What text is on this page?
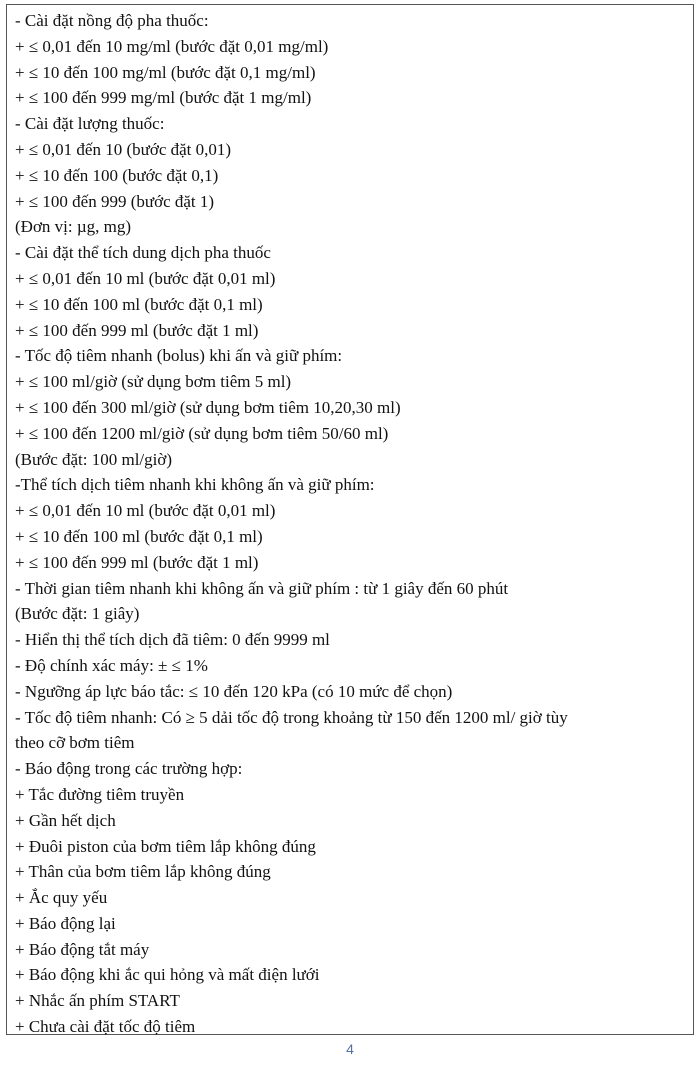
- Cài đặt nồng độ pha thuốc:
+ ≤ 0,01 đến 10 mg/ml (bước đặt 0,01 mg/ml)
+ ≤ 10 đến 100 mg/ml (bước đặt 0,1 mg/ml)
+ ≤ 100 đến 999 mg/ml (bước đặt 1 mg/ml)
- Cài đặt lượng thuốc:
+ ≤ 0,01 đến 10 (bước đặt 0,01)
+ ≤ 10 đến 100 (bước đặt 0,1)
+ ≤ 100 đến 999 (bước đặt 1)
(Đơn vị: µg, mg)
- Cài đặt thể tích dung dịch pha thuốc
+ ≤ 0,01 đến 10 ml (bước đặt 0,01 ml)
+ ≤ 10 đến 100 ml (bước đặt 0,1 ml)
+ ≤ 100 đến 999 ml (bước đặt 1 ml)
- Tốc độ tiêm nhanh (bolus) khi ấn và giữ phím:
+ ≤ 100 ml/giờ (sử dụng bơm tiêm 5 ml)
+ ≤ 100 đến 300 ml/giờ (sử dụng bơm tiêm 10,20,30 ml)
+ ≤ 100 đến 1200 ml/giờ (sử dụng bơm tiêm 50/60 ml)
(Bước đặt: 100 ml/giờ)
-Thể tích dịch tiêm nhanh khi không ấn và giữ phím:
+ ≤ 0,01 đến 10 ml (bước đặt 0,01 ml)
+ ≤ 10 đến 100 ml (bước đặt 0,1 ml)
+ ≤ 100 đến 999 ml (bước đặt 1 ml)
- Thời gian tiêm nhanh khi không ấn và giữ phím : từ 1 giây đến 60 phút
(Bước đặt: 1 giây)
- Hiển thị thể tích dịch đã tiêm: 0 đến 9999 ml
- Độ chính xác máy: ± ≤ 1%
- Ngưỡng áp lực báo tắc: ≤ 10 đến 120 kPa (có 10 mức để chọn)
- Tốc độ tiêm nhanh: Có ≥ 5 dải tốc độ trong khoảng từ 150 đến 1200 ml/ giờ tùy
theo cỡ bơm tiêm
- Báo động trong các trường hợp:
+ Tắc đường tiêm truyền
+ Gần hết dịch
+ Đuôi piston của bơm tiêm lắp không đúng
+ Thân của bơm tiêm lắp không đúng
+ Ắc quy yếu
+ Báo động lại
+ Báo động tắt máy
+ Báo động khi ắc qui hỏng và mất điện lưới
+ Nhắc ấn phím START
+ Chưa cài đặt tốc độ tiêm
4
